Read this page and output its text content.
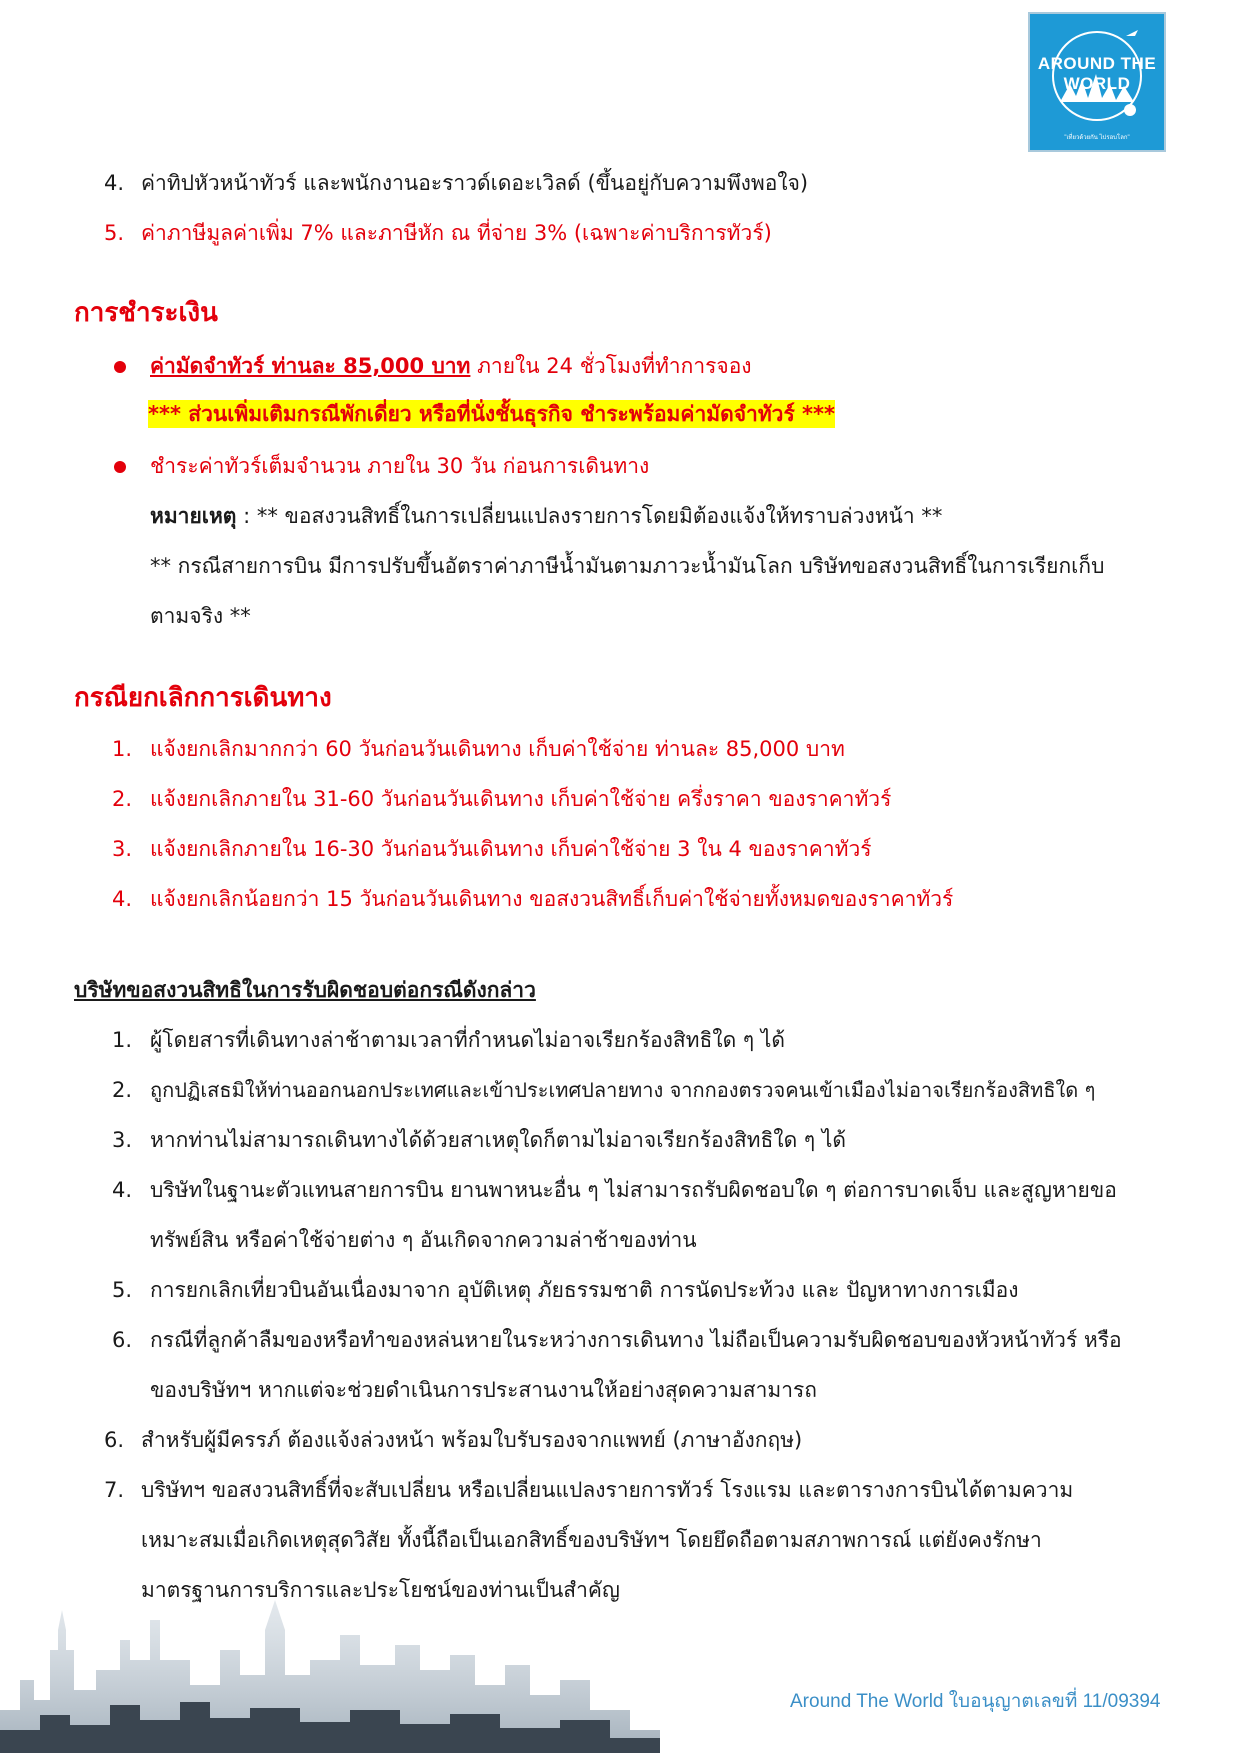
AROUND THE WORLD
"เที่ยวด้วยกัน ไปรอบโลก"
4. ค่าทิปหัวหน้าทัวร์ และพนักงานอะราวด์เดอะเวิลด์ (ขึ้นอยู่กับความพึงพอใจ)
5. ค่าภาษีมูลค่าเพิ่ม 7% และภาษีหัก ณ ที่จ่าย 3% (เฉพาะค่าบริการทัวร์)
การชำระเงิน
ค่ามัดจำทัวร์ ท่านละ 85,000 บาท ภายใน 24 ชั่วโมงที่ทำการจอง
*** ส่วนเพิ่มเติมกรณีพักเดี่ยว หรือที่นั่งชั้นธุรกิจ ชำระพร้อมค่ามัดจำทัวร์ ***
ชำระค่าทัวร์เต็มจำนวน ภายใน 30 วัน ก่อนการเดินทาง
หมายเหตุ : ** ขอสงวนสิทธิ์ในการเปลี่ยนแปลงรายการโดยมิต้องแจ้งให้ทราบล่วงหน้า **
** กรณีสายการบิน มีการปรับขึ้นอัตราค่าภาษีน้ำมันตามภาวะน้ำมันโลก บริษัทขอสงวนสิทธิ์ในการเรียกเก็บ
ตามจริง **
กรณียกเลิกการเดินทาง
1. แจ้งยกเลิกมากกว่า 60 วันก่อนวันเดินทาง เก็บค่าใช้จ่าย ท่านละ 85,000 บาท
2. แจ้งยกเลิกภายใน 31-60 วันก่อนวันเดินทาง เก็บค่าใช้จ่าย ครึ่งราคา ของราคาทัวร์
3. แจ้งยกเลิกภายใน 16-30 วันก่อนวันเดินทาง เก็บค่าใช้จ่าย 3 ใน 4 ของราคาทัวร์
4. แจ้งยกเลิกน้อยกว่า 15 วันก่อนวันเดินทาง ขอสงวนสิทธิ์เก็บค่าใช้จ่ายทั้งหมดของราคาทัวร์
บริษัทขอสงวนสิทธิในการรับผิดชอบต่อกรณีดังกล่าว
1. ผู้โดยสารที่เดินทางล่าช้าตามเวลาที่กำหนดไม่อาจเรียกร้องสิทธิใด ๆ ได้
2. ถูกปฏิเสธมิให้ท่านออกนอกประเทศและเข้าประเทศปลายทาง จากกองตรวจคนเข้าเมืองไม่อาจเรียกร้องสิทธิใด ๆ
3. หากท่านไม่สามารถเดินทางได้ด้วยสาเหตุใดก็ตามไม่อาจเรียกร้องสิทธิใด ๆ ได้
4. บริษัทในฐานะตัวแทนสายการบิน ยานพาหนะอื่น ๆ ไม่สามารถรับผิดชอบใด ๆ ต่อการบาดเจ็บ และสูญหายขอ
ทรัพย์สิน หรือค่าใช้จ่ายต่าง ๆ อันเกิดจากความล่าช้าของท่าน
5. การยกเลิกเที่ยวบินอันเนื่องมาจาก อุบัติเหตุ ภัยธรรมชาติ การนัดประท้วง และ ปัญหาทางการเมือง
6. กรณีที่ลูกค้าลืมของหรือทำของหล่นหายในระหว่างการเดินทาง ไม่ถือเป็นความรับผิดชอบของหัวหน้าทัวร์ หรือ
ของบริษัทฯ หากแต่จะช่วยดำเนินการประสานงานให้อย่างสุดความสามารถ
6. สำหรับผู้มีครรภ์ ต้องแจ้งล่วงหน้า พร้อมใบรับรองจากแพทย์ (ภาษาอังกฤษ)
7. บริษัทฯ ขอสงวนสิทธิ์ที่จะสับเปลี่ยน หรือเปลี่ยนแปลงรายการทัวร์ โรงแรม และตารางการบินได้ตามความ
เหมาะสมเมื่อเกิดเหตุสุดวิสัย ทั้งนี้ถือเป็นเอกสิทธิ์ของบริษัทฯ โดยยึดถือตามสภาพการณ์ แต่ยังคงรักษา
มาตรฐานการบริการและประโยชน์ของท่านเป็นสำคัญ
Around The World ใบอนุญาตเลขที่ 11/09394
